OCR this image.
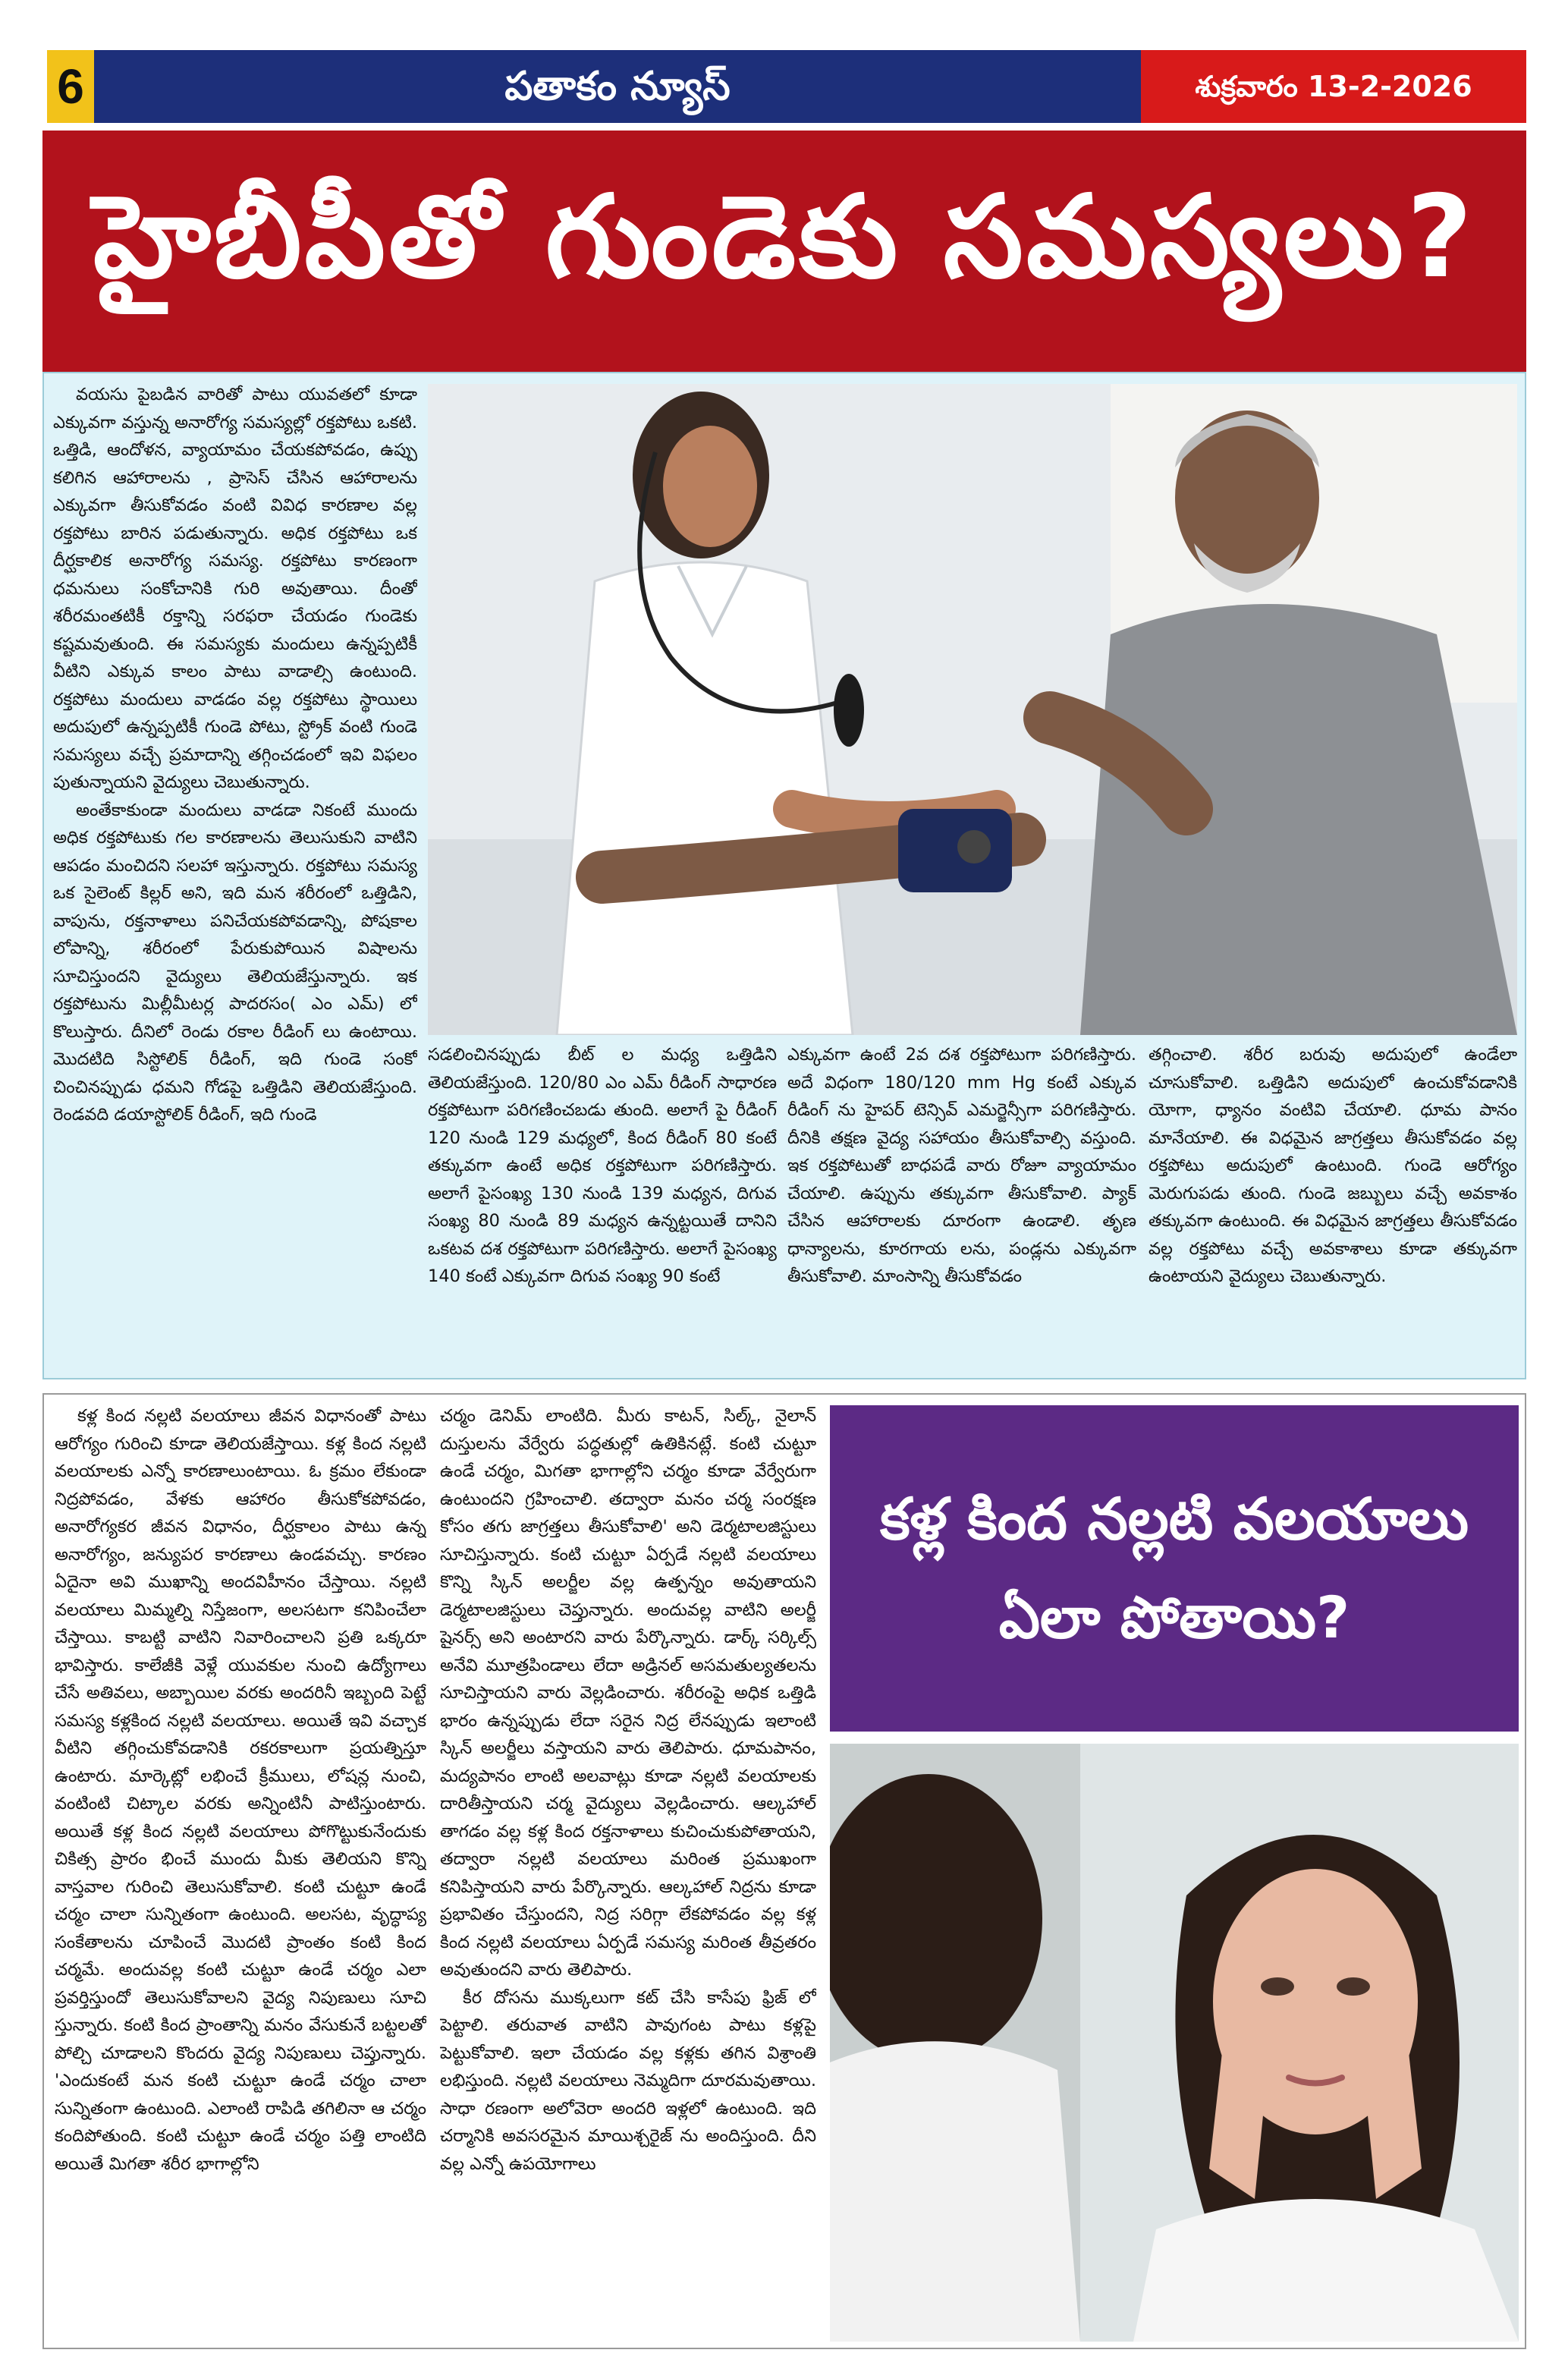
6	పతాకం న్యూస్	శుక్రవారం 13-2-2026
హైబీపీతో గుండెకు సమస్యలు?

వయసు పైబడిన వారితో పాటు యువతలో కూడా ఎక్కువగా వస్తున్న అనారోగ్య సమస్యల్లో రక్తపోటు ఒకటి. ఒత్తిడి, ఆందోళన, వ్యాయామం చేయకపోవడం, ఉప్పు కలిగిన ఆహారాలను , ప్రాసెస్ చేసిన ఆహారాలను ఎక్కువగా తీసుకోవడం వంటి వివిధ కారణాల వల్ల రక్తపోటు బారిన పడుతున్నారు. అధిక రక్తపోటు ఒక దీర్ఘకాలిక అనారోగ్య సమస్య. రక్తపోటు కారణంగా ధమనులు సంకోచానికి గురి అవుతాయి. దీంతో శరీరమంతటికీ రక్తాన్ని సరఫరా చేయడం గుండెకు కష్టమవుతుంది. ఈ సమస్యకు మందులు ఉన్నప్పటికీ వీటిని ఎక్కువ కాలం పాటు వాడాల్సి ఉంటుంది. రక్తపోటు మందులు వాడడం వల్ల రక్తపోటు స్థాయిలు అదుపులో ఉన్నప్పటికీ గుండె పోటు, స్ట్రోక్ వంటి గుండె సమస్యలు వచ్చే ప్రమాదాన్ని తగ్గించడంలో ఇవి విఫలం పుతున్నాయని వైద్యులు చెబుతున్నారు.

అంతేకాకుండా మందులు వాడడా నికంటే ముందు అధిక రక్తపోటుకు గల కారణాలను తెలుసుకుని వాటిని ఆపడం మంచిదని సలహా ఇస్తున్నారు. రక్తపోటు సమస్య ఒక సైలెంట్ కిల్లర్ అని, ఇది మన శరీరంలో ఒత్తిడిని, వాపును, రక్తనాళాలు పనిచేయకపోవడాన్ని, పోషకాల లోపాన్ని, శరీరంలో పేరుకుపోయిన విషాలను సూచిస్తుందని వైద్యులు తెలియజేస్తున్నారు. ఇక రక్తపోటును మిల్లీమీటర్ల పాదరసం( ఎం ఎమ్) లో కొలుస్తారు. దీనిలో రెండు రకాల రీడింగ్ లు ఉంటాయి. మొదటిది సిస్టోలిక్ రీడింగ్, ఇది గుండె సంకో చించినప్పుడు ధమని గోడపై ఒత్తిడిని తెలియజేస్తుంది. రెండవది డయాస్టోలిక్ రీడింగ్, ఇది గుండె

సడలించినప్పుడు బీట్ ల మధ్య ఒత్తిడిని తెలియజేస్తుంది. 120/80 ఎం ఎమ్ రీడింగ్ సాధారణ రక్తపోటుగా పరిగణించబడు తుంది. అలాగే పై రీడింగ్ 120 నుండి 129 మధ్యలో, కింద రీడింగ్ 80 కంటే తక్కువగా ఉంటే అధిక రక్తపోటుగా పరిగణిస్తారు. అలాగే పైసంఖ్య 130 నుండి 139 మధ్యన, దిగువ సంఖ్య 80 నుండి 89 మధ్యన ఉన్నట్టయితే దానిని ఒకటవ దశ రక్తపోటుగా పరిగణిస్తారు. అలాగే పైసంఖ్య 140 కంటే ఎక్కువగా దిగువ సంఖ్య 90 కంటే

ఎక్కువగా ఉంటే 2వ దశ రక్తపోటుగా పరిగణిస్తారు. అదే విధంగా 180/120 mm Hg కంటే ఎక్కువ రీడింగ్ ను హైపర్ టెన్సివ్ ఎమర్జెన్సీగా పరిగణిస్తారు. దీనికి తక్షణ వైద్య సహాయం తీసుకోవాల్సి వస్తుంది. ఇక రక్తపోటుతో బాధపడే వారు రోజూ వ్యాయామం చేయాలి. ఉప్పును తక్కువగా తీసుకోవాలి. ప్యాక్ చేసిన ఆహారాలకు దూరంగా ఉండాలి. తృణ ధాన్యాలను, కూరగాయ లను, పండ్లను ఎక్కువగా తీసుకోవాలి. మాంసాన్ని తీసుకోవడం

తగ్గించాలి. శరీర బరువు అదుపులో ఉండేలా చూసుకోవాలి. ఒత్తిడిని అదుపులో ఉంచుకోవడానికి యోగా, ధ్యానం వంటివి చేయాలి. ధూమ పానం మానేయాలి. ఈ విధమైన జాగ్రత్తలు తీసుకోవడం వల్ల రక్తపోటు అదుపులో ఉంటుంది. గుండె ఆరోగ్యం మెరుగుపడు తుంది. గుండె జబ్బులు వచ్చే అవకాశం తక్కువగా ఉంటుంది. ఈ విధమైన జాగ్రత్తలు తీసుకోవడం వల్ల రక్తపోటు వచ్చే అవకాశాలు కూడా తక్కువగా ఉంటాయని వైద్యులు చెబుతున్నారు.

కళ్ల కింద నల్లటి వలయాలు జీవన విధానంతో పాటు ఆరోగ్యం గురించి కూడా తెలియజేస్తాయి. కళ్ల కింద నల్లటి వలయాలకు ఎన్నో కారణాలుంటాయి. ఓ క్రమం లేకుండా నిద్రపోవడం, వేళకు ఆహారం తీసుకోకపోవడం, అనారోగ్యకర జీవన విధానం, దీర్ఘకాలం పాటు ఉన్న అనారోగ్యం, జన్యుపర కారణాలు ఉండవచ్చు. కారణం ఏదైనా అవి ముఖాన్ని అందవిహీనం చేస్తాయి. నల్లటి వలయాలు మిమ్మల్ని నిస్తేజంగా, అలసటగా కనిపించేలా చేస్తాయి. కాబట్టి వాటిని నివారించాలని ప్రతి ఒక్కరూ భావిస్తారు. కాలేజీకి వెళ్లే యువకుల నుంచి ఉద్యోగాలు చేసే అతివలు, అబ్బాయిల వరకు అందరినీ ఇబ్బంది పెట్టే సమస్య కళ్లకింద నల్లటి వలయాలు. అయితే ఇవి వచ్చాక వీటిని తగ్గించుకోవడానికి రకరకాలుగా ప్రయత్నిస్తూ ఉంటారు. మార్కెట్లో లభించే క్రీములు, లోషన్ల నుంచి, వంటింటి చిట్కాల వరకు అన్నింటినీ పాటిస్తుంటారు. అయితే కళ్ల కింద నల్లటి వలయాలు పోగొట్టుకునేందుకు చికిత్స ప్రారం భించే ముందు మీకు తెలియని కొన్ని వాస్తవాల గురించి తెలుసుకోవాలి. కంటి చుట్టూ ఉండే చర్మం చాలా సున్నితంగా ఉంటుంది. అలసట, వృద్ధాప్య సంకేతాలను చూపించే మొదటి ప్రాంతం కంటి కింద చర్మమే. అందువల్ల కంటి చుట్టూ ఉండే చర్మం ఎలా ప్రవర్తిస్తుందో తెలుసుకోవాలని వైద్య నిపుణులు సూచి స్తున్నారు. కంటి కింద ప్రాంతాన్ని మనం వేసుకునే బట్టలతో పోల్చి చూడాలని కొందరు వైద్య నిపుణులు చెప్తున్నారు. 'ఎందుకంటే మన కంటి చుట్టూ ఉండే చర్మం చాలా సున్నితంగా ఉంటుంది. ఎలాంటి రాపిడి తగిలినా ఆ చర్మం కందిపోతుంది. కంటి చుట్టూ ఉండే చర్మం పత్తి లాంటిది అయితే మిగతా శరీర భాగాల్లోని

చర్మం డెనిమ్ లాంటిది. మీరు కాటన్, సిల్క్, నైలాన్ దుస్తులను వేర్వేరు పద్ధతుల్లో ఉతికినట్లే. కంటి చుట్టూ ఉండే చర్మం, మిగతా భాగాల్లోని చర్మం కూడా వేర్వేరుగా ఉంటుందని గ్రహించాలి. తద్వారా మనం చర్మ సంరక్షణ కోసం తగు జాగ్రత్తలు తీసుకోవాలి' అని డెర్మటాలజిస్టులు సూచిస్తున్నారు. కంటి చుట్టూ ఏర్పడే నల్లటి వలయాలు కొన్ని స్కిన్ అలర్జీల వల్ల ఉత్పన్నం అవుతాయని డెర్మటాలజిస్టులు చెప్తున్నారు. అందువల్ల వాటిని అలర్జీ షైనర్స్ అని అంటారని వారు పేర్కొన్నారు. డార్క్ సర్కిల్స్ అనేవి మూత్రపిండాలు లేదా అడ్రినల్ అసమతుల్యతలను సూచిస్తాయని వారు వెల్లడించారు. శరీరంపై అధిక ఒత్తిడి భారం ఉన్నప్పుడు లేదా సరైన నిద్ర లేనప్పుడు ఇలాంటి స్కిన్ అలర్జీలు వస్తాయని వారు తెలిపారు. ధూమపానం, మద్యపానం లాంటి అలవాట్లు కూడా నల్లటి వలయాలకు దారితీస్తాయని చర్మ వైద్యులు వెల్లడించారు. ఆల్కహాల్ తాగడం వల్ల కళ్ల కింద రక్తనాళాలు కుచించుకుపోతాయని, తద్వారా నల్లటి వలయాలు మరింత ప్రముఖంగా కనిపిస్తాయని వారు పేర్కొన్నారు. ఆల్కహాల్ నిద్రను కూడా ప్రభావితం చేస్తుందని, నిద్ర సరిగ్గా లేకపోవడం వల్ల కళ్ల కింద నల్లటి వలయాలు ఏర్పడే సమస్య మరింత తీవ్రతరం అవుతుందని వారు తెలిపారు.

కీర దోసను ముక్కలుగా కట్ చేసి కాసేపు ఫ్రిజ్ లో పెట్టాలి. తరువాత వాటిని పావుగంట పాటు కళ్లపై పెట్టుకోవాలి. ఇలా చేయడం వల్ల కళ్లకు తగిన విశ్రాంతి లభిస్తుంది. నల్లటి వలయాలు నెమ్మదిగా దూరమవుతాయి. సాధా రణంగా అలోవెరా అందరి ఇళ్లలో ఉంటుంది. ఇది చర్మానికి అవసరమైన మాయిశ్చరైజ్ ను అందిస్తుంది. దీని వల్ల ఎన్నో ఉపయోగాలు

కళ్ల కింద నల్లటి వలయాలు
ఏలా పోతాయి?
